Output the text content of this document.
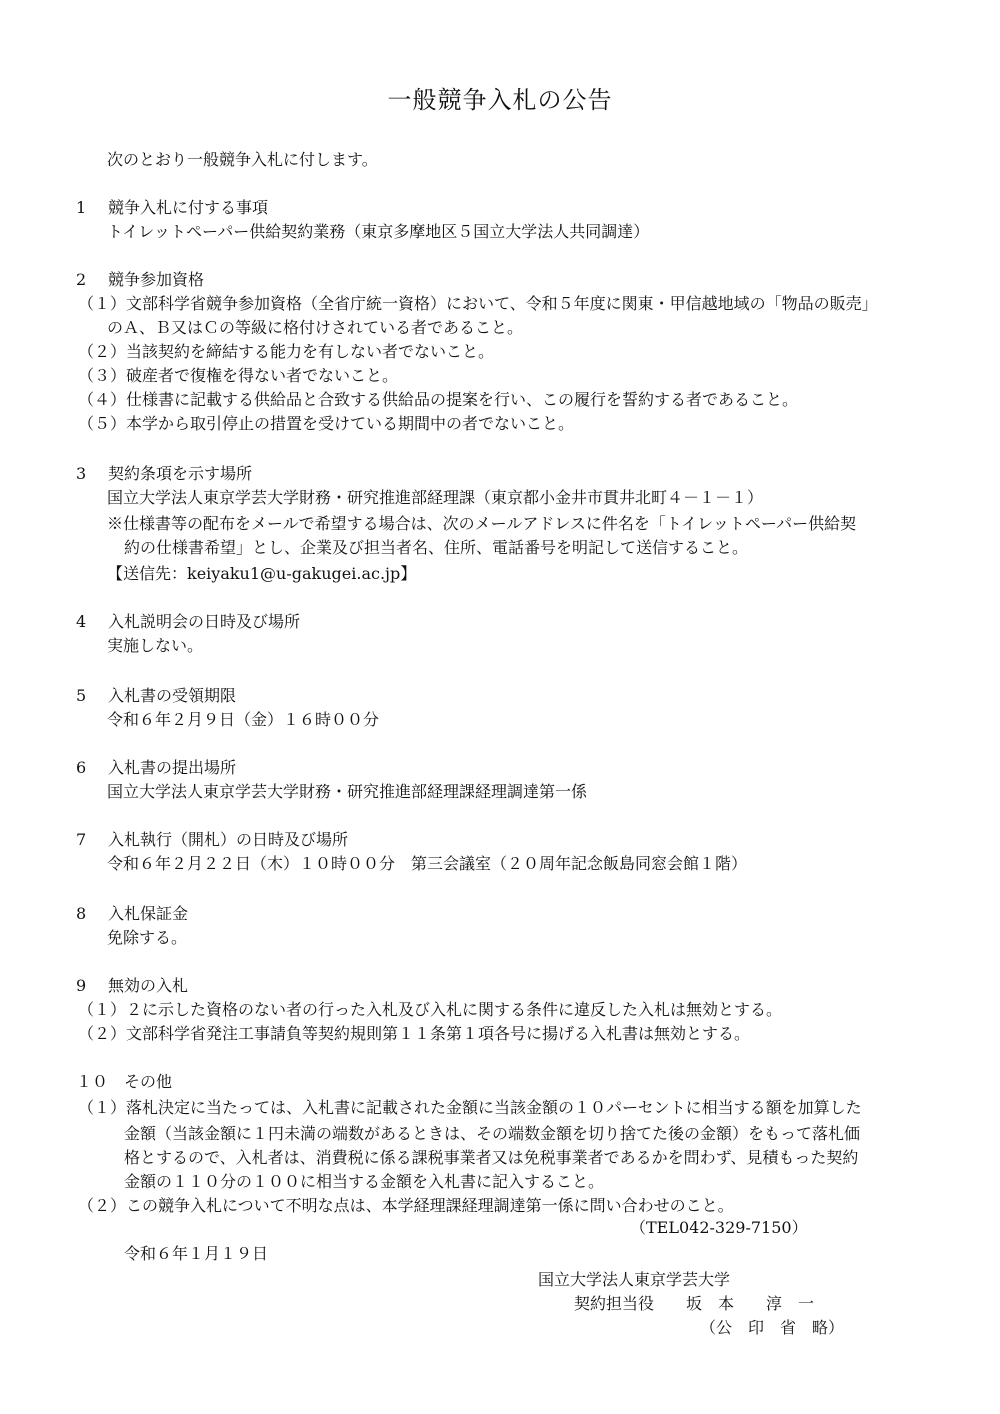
一般競争入札の公告
次のとおり一般競争入札に付します。
1 競争入札に付する事項
トイレットペーパー供給契約業務（東京多摩地区５国立大学法人共同調達）
2 競争参加資格
（１）文部科学省競争参加資格（全省庁統一資格）において、令和５年度に関東・甲信越地域の「物品の販売」
のＡ、Ｂ又はＣの等級に格付けされている者であること。
（２）当該契約を締結する能力を有しない者でないこと。
（３）破産者で復権を得ない者でないこと。
（４）仕様書に記載する供給品と合致する供給品の提案を行い、この履行を誓約する者であること。
（５）本学から取引停止の措置を受けている期間中の者でないこと。
3 契約条項を示す場所
国立大学法人東京学芸大学財務・研究推進部経理課（東京都小金井市貫井北町４－１－１）
※仕様書等の配布をメールで希望する場合は、次のメールアドレスに件名を「トイレットペーパー供給契
約の仕様書希望」とし、企業及び担当者名、住所、電話番号を明記して送信すること。
【送信先：keiyaku1@u-gakugei.ac.jp】
4 入札説明会の日時及び場所
実施しない。
5 入札書の受領期限
令和６年２月９日（金）１６時００分
6 入札書の提出場所
国立大学法人東京学芸大学財務・研究推進部経理課経理調達第一係
7 入札執行（開札）の日時及び場所
令和６年２月２２日（木）１０時００分　第三会議室（２０周年記念飯島同窓会館１階）
8 入札保証金
免除する。
9 無効の入札
（１）２に示した資格のない者の行った入札及び入札に関する条件に違反した入札は無効とする。
（２）文部科学省発注工事請負等契約規則第１１条第１項各号に揚げる入札書は無効とする。
１０ その他
（１）落札決定に当たっては、入札書に記載された金額に当該金額の１０パーセントに相当する額を加算した
金額（当該金額に１円未満の端数があるときは、その端数金額を切り捨てた後の金額）をもって落札価
格とするので、入札者は、消費税に係る課税事業者又は免税事業者であるかを問わず、見積もった契約
金額の１１０分の１００に相当する金額を入札書に記入すること。
（２）この競争入札について不明な点は、本学経理課経理調達第一係に問い合わせのこと。
（TEL042-329-7150）
令和６年１月１９日
国立大学法人東京学芸大学
契約担当役　　坂　本　　淳　一
（公　印　省　略）
